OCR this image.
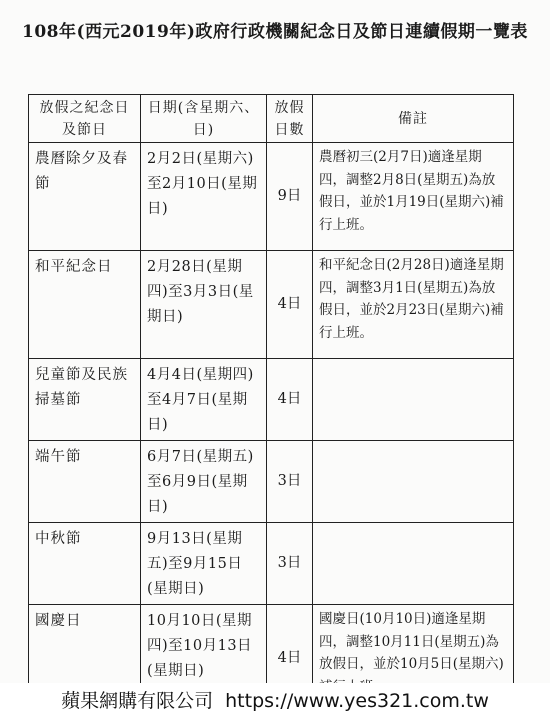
108年(西元2019年)政府行政機關紀念日及節日連續假期一覽表
放假之紀念日及節日	日期(含星期六、日)	放假日數	備註
農曆除夕及春節	2月2日(星期六)至2月10日(星期日)	9日	農曆初三(2月7日)適逢星期四，調整2月8日(星期五)為放假日，並於1月19日(星期六)補行上班。
和平紀念日	2月28日(星期四)至3月3日(星期日)	4日	和平紀念日(2月28日)適逢星期四，調整3月1日(星期五)為放假日，並於2月23日(星期六)補行上班。
兒童節及民族掃墓節	4月4日(星期四)至4月7日(星期日)	4日	
端午節	6月7日(星期五)至6月9日(星期日)	3日	
中秋節	9月13日(星期五)至9月15日(星期日)	3日	
國慶日	10月10日(星期四)至10月13日(星期日)	4日	國慶日(10月10日)適逢星期四，調整10月11日(星期五)為放假日，並於10月5日(星期六)
蘋果網購有限公司 https://www.yes321.com.tw
